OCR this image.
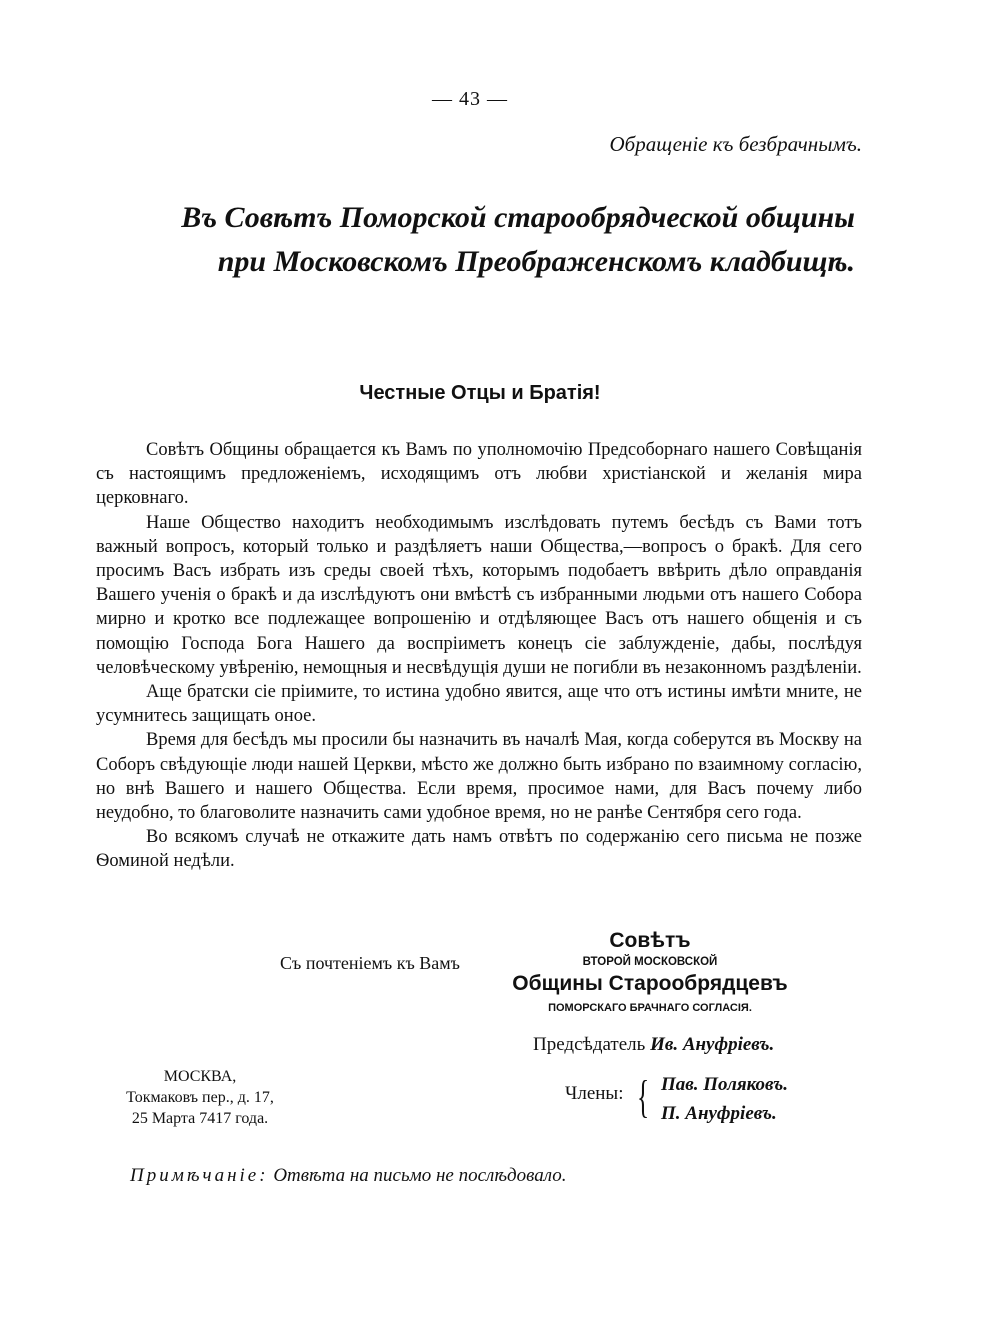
— 43 —
Обращенiе къ безбрачнымъ.
Въ Совѣтъ Поморской старообрядческой общины
при Московскомъ Преображенскомъ кладбищѣ.
Честные Отцы и Братiя!

Совѣтъ Общины обращается къ Вамъ по уполномочiю Предсоборнаго нашего Совѣщанiя съ настоящимъ предложенiемъ, исходящимъ отъ любви христiанской и желанiя мира церковнаго.

Наше Общество находитъ необходимымъ изслѣдовать путемъ бесѣдъ съ Вами тотъ важный вопросъ, который только и раздѣляетъ наши Общества,—вопросъ о бракѣ. Для сего просимъ Васъ избрать изъ среды своей тѣхъ, которымъ подобаетъ ввѣрить дѣло оправданiя Вашего ученiя о бракѣ и да изслѣдуютъ они вмѣстѣ съ избранными людьми отъ нашего Собора мирно и кротко все подлежащее вопрошенiю и отдѣляющее Васъ отъ нашего общенiя и съ помощiю Господа Бога Нашего да воспрiиметъ конецъ сiе заблужденiе, дабы, послѣдуя человѣческому увѣренiю, немощныя и несвѣдущiя души не погибли въ незаконномъ раздѣленiи.

Аще братски сiе прiимите, то истина удобно явится, аще что отъ истины имѣти мните, не усумнитесь защищать оное.

Время для бесѣдъ мы просили бы назначить въ началѣ Мая, когда соберутся въ Москву на Соборъ свѣдующiе люди нашей Церкви, мѣсто же должно быть избрано по взаимному согласiю, но внѣ Вашего и нашего Общества. Если время, просимое нами, для Васъ почему либо неудобно, то благоволите назначить сами удобное время, но не ранѣе Сентября сего года.

Во всякомъ случаѣ не откажите дать намъ отвѣтъ по содержанiю сего письма не позже Ѳоминой недѣли.

Съ почтенiемъ къ Вамъ
Совѣтъ
ВТОРОЙ МОСКОВСКОЙ
Общины Старообрядцевъ
ПОМОРСКАГО БРАЧНАГО СОГЛАСIЯ.
Предсѣдатель Ив. Ануфрiевъ.
Члены: { Пав. Поляковъ.
П. Ануфрiевъ.
МОСКВА,
Токмаковъ пер., д. 17,
25 Марта 7417 года.
Примѣчанiе: Отвѣта на письмо не послѣдовало.
